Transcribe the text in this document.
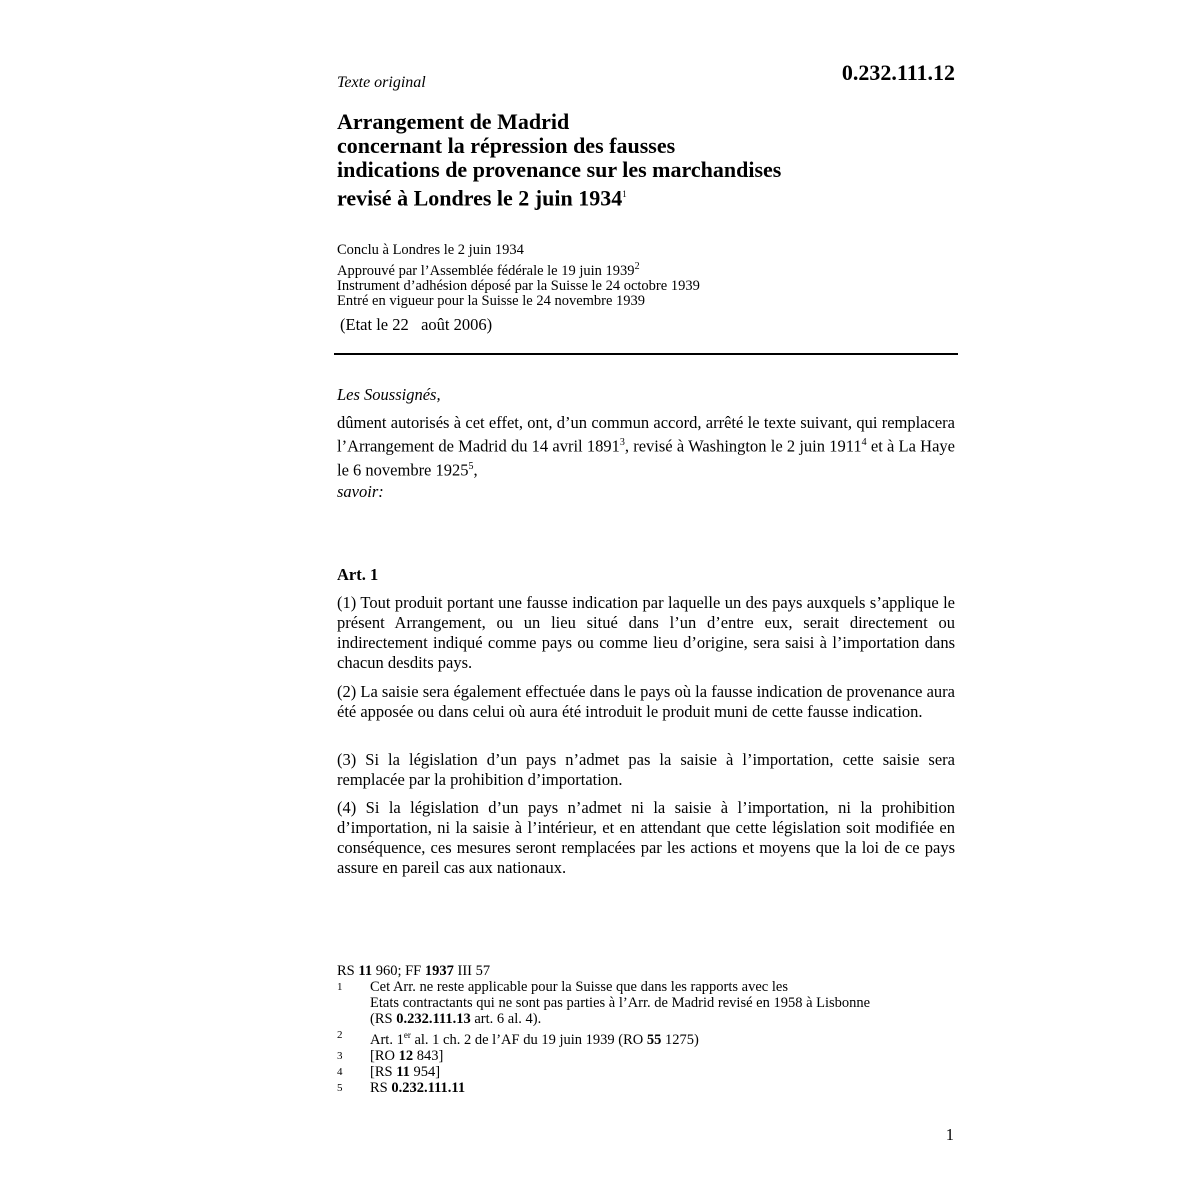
Texte original	0.232.111.12
Arrangement de Madrid
concernant la répression des fausses
indications de provenance sur les marchandises
revisé à Londres le 2 juin 1934$^1$
Conclu à Londres le 2 juin 1934
Approuvé par l’Assemblée fédérale le 19 juin 1939$^2$
Instrument d’adhésion déposé par la Suisse le 24 octobre 1939
Entré en vigueur pour la Suisse le 24 novembre 1939
(Etat le 22   août 2006)
Les Soussignés,

dûment autorisés à cet effet, ont, d’un commun accord, arrêté le texte suivant, qui remplacera l’Arrangement de Madrid du 14 avril 1891$^3$, revisé à Washington le 2 juin 1911$^4$ et à La Haye le 6 novembre 1925$^5$,

savoir:
Art. 1

(1) Tout produit portant une fausse indication par laquelle un des pays auxquels s’applique le présent Arrangement, ou un lieu situé dans l’un d’entre eux, serait directement ou indirectement indiqué comme pays ou comme lieu d’origine, sera saisi à l’importation dans chacun desdits pays.

(2) La saisie sera également effectuée dans le pays où la fausse indication de provenance aura été apposée ou dans celui où aura été introduit le produit muni de cette fausse indication.

(3) Si la législation d’un pays n’admet pas la saisie à l’importation, cette saisie sera remplacée par la prohibition d’importation.

(4) Si la législation d’un pays n’admet ni la saisie à l’importation, ni la prohibition d’importation, ni la saisie à l’intérieur, et en attendant que cette législation soit modifiée en conséquence, ces mesures seront remplacées par les actions et moyens que la loi de ce pays assure en pareil cas aux nationaux.

RS 11 960; FF 1937 III 57
1	Cet Arr. ne reste applicable pour la Suisse que dans les rapports avec les
Etats contractants qui ne sont pas parties à l’Arr. de Madrid revisé en 1958 à Lisbonne
(RS 0.232.111.13 art. 6 al. 4).
2	Art. 1er al. 1 ch. 2 de l’AF du 19 juin 1939 (RO 55 1275)
3	[RO 12 843]
4	[RS 11 954]
5	RS 0.232.111.11
1
